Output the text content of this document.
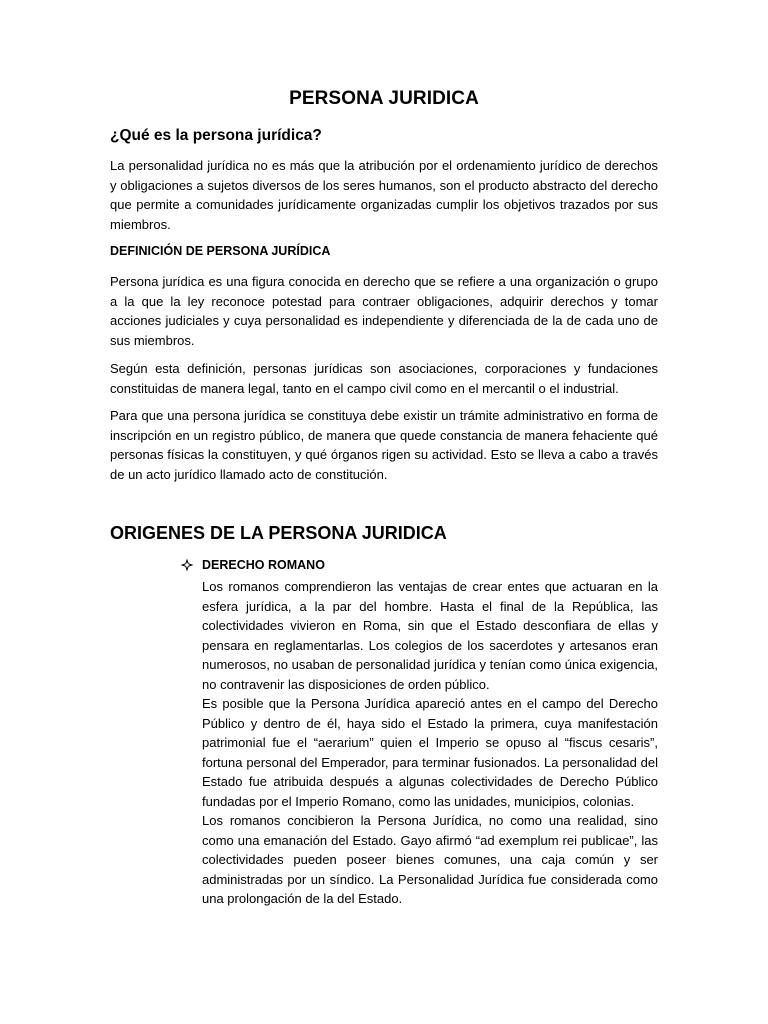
PERSONA JURIDICA
¿Qué es la persona jurídica?

La personalidad jurídica no es más que la atribución por el ordenamiento jurídico de derechos y obligaciones a sujetos diversos de los seres humanos, son el producto abstracto del derecho que permite a comunidades jurídicamente organizadas cumplir los objetivos trazados por sus miembros.

DEFINICIÓN DE PERSONA JURÍDICA

Persona jurídica es una figura conocida en derecho que se refiere a una organización o grupo a la que la ley reconoce potestad para contraer obligaciones, adquirir derechos y tomar acciones judiciales y cuya personalidad es independiente y diferenciada de la de cada uno de sus miembros.

Según esta definición, personas jurídicas son asociaciones, corporaciones y fundaciones constituidas de manera legal, tanto en el campo civil como en el mercantil o el industrial.

Para que una persona jurídica se constituya debe existir un trámite administrativo en forma de inscripción en un registro público, de manera que quede constancia de manera fehaciente qué personas físicas la constituyen, y qué órganos rigen su actividad. Esto se lleva a cabo a través de un acto jurídico llamado acto de constitución.

ORIGENES DE LA PERSONA JURIDICA
DERECHO ROMANO

Los romanos comprendieron las ventajas de crear entes que actuaran en la esfera jurídica, a la par del hombre. Hasta el final de la República, las colectividades vivieron en Roma, sin que el Estado desconfiara de ellas y pensara en reglamentarlas. Los colegios de los sacerdotes y artesanos eran numerosos, no usaban de personalidad jurídica y tenían como única exigencia, no contravenir las disposiciones de orden público.

Es posible que la Persona Jurídica apareció antes en el campo del Derecho Público y dentro de él, haya sido el Estado la primera, cuya manifestación patrimonial fue el “aerarium” quien el Imperio se opuso al “fiscus cesaris”, fortuna personal del Emperador, para terminar fusionados. La personalidad del Estado fue atribuida después a algunas colectividades de Derecho Público fundadas por el Imperio Romano, como las unidades, municipios, colonias.

Los romanos concibieron la Persona Jurídica, no como una realidad, sino como una emanación del Estado. Gayo afirmó “ad exemplum rei publicae”, las colectividades pueden poseer bienes comunes, una caja común y ser administradas por un síndico. La Personalidad Jurídica fue considerada como una prolongación de la del Estado.
